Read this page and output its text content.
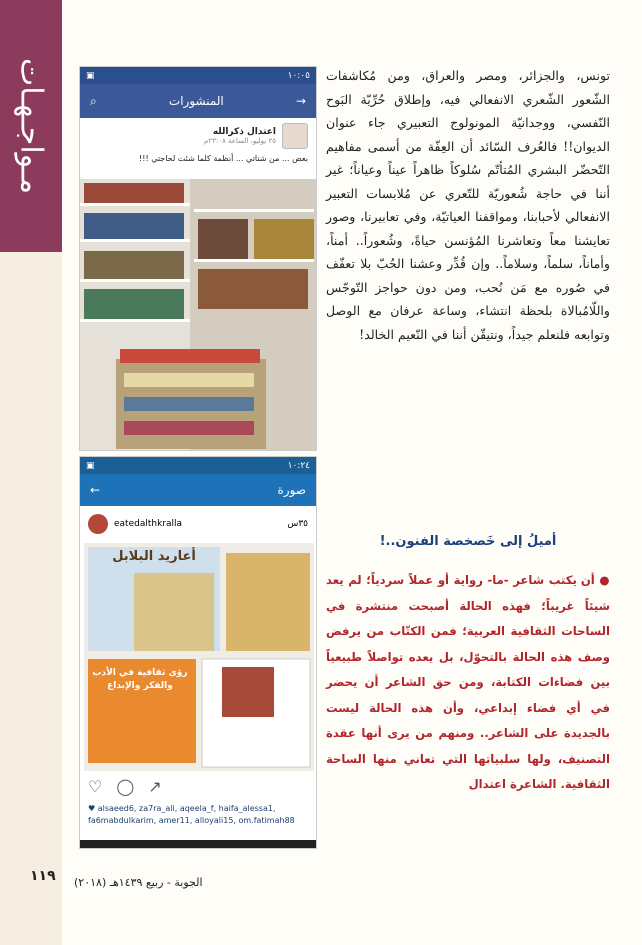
مـواجـهـات
١١٩ الجوبة - ربيع ١٤٣٩هـ (٢٠١٨)
▣	١٠:٠٥
⌕	المنشورات	→
اعتدال ذكرالله
٢٥ يوليو، الساعة ٢٣:٠٨م
بعض ... من شتاتي ... أنظمة كلما شئت لحاجتي !!!
▣	١٠:٢٤
←	صورة
eatedalthkralla	٣٥س
أعاريد البلابل
رؤى ثقافية في الأدب والفكر والإبداع
♡ ◯ ↗
♥ alsaeed6, za7ra_ali, aqeela_f, haifa_alessa1, fa6mabdulkarim, amer11, alloyali15, om.fatimah88
تونس، والجزائر، ومصر والعراق، ومن مُكاشفات الشّعور الشّعري الانفعالي فيه، وإطلاق حُرِّيّة البَوح النّفسي، ووجدانيّة المونولوج التعبيري جاء عنوان الديوان!! فالعُرف السّائد أن العِفّة من أسمى مفاهيم التّحضّر البشري المُتأتّم سُلوكاً ظاهراً عيناً وعياناً؛ غير أننا في حاجة شُعوريّة للتّعري عن مُلابسات التعبير الانفعالي لأحبابنا، ومواقفنا العياتيّة، وفي تعابيرنا، وصور تعايشنا معاً وتعاشرنا المُؤنسن حياةً، وشُعوراً.. أمناً، وأماناً، سلماً، وسلاماً.. وإن قُدِّر وعشنا الحُبّ بلا تعفّف في صُوره مع مَن نُحب، ومن دون حواجز التّوجّس واللّامُبالاة بلحظة انتشاء، وساعة عرفان مع الوصل وتوابعه فلنعلم جيداً، ونتيقّن أننا في النّعيم الخالد!
أميلُ إلى خَصخصة الفنون..!
● أن يكتب شاعر -ما- رواية أو عملاً سردياً؛ لم يعد شيئاً غريباً؛ فهذه الحالة أصبحت منتشرة في الساحات الثقافية العربية؛ فمن الكتّاب من يرفض وصف هذه الحالة بالتحوّل، بل يعده تواصلاً طبيعياً بين فضاءات الكتابة، ومن حق الشاعر أن يحضر في أي فضاء إبداعي، وأن هذه الحالة ليست بالجديدة على الشاعر.. ومنهم من يرى أنها عقدة التصنيف، ولها سلبياتها التي تعاني منها الساحة الثقافية. الشاعرة اعتدال
